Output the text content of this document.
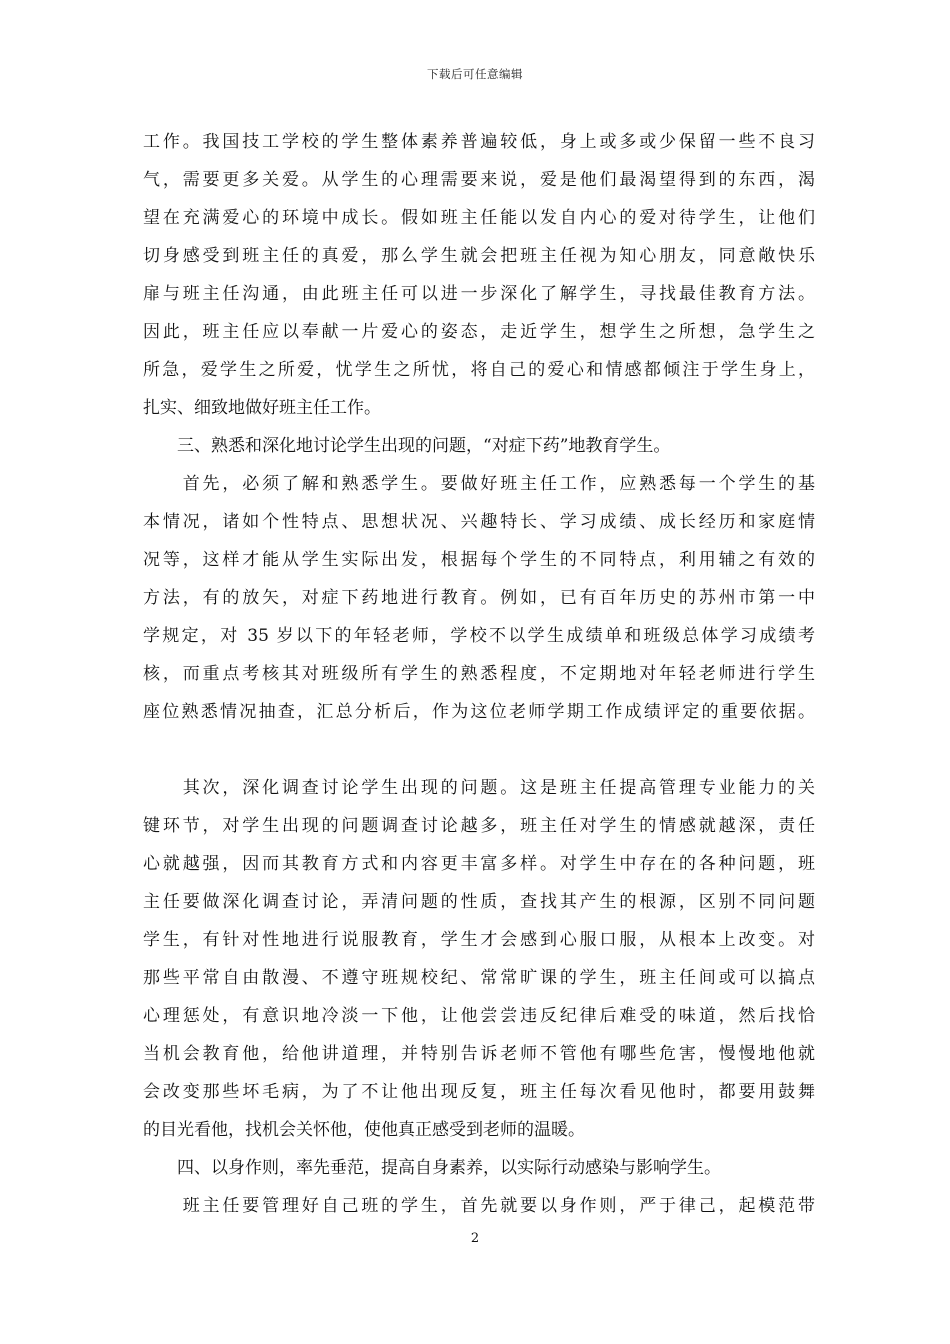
下载后可任意编辑
工作。我国技工学校的学生整体素养普遍较低，身上或多或少保留一些不良习
气，需要更多关爱。从学生的心理需要来说，爱是他们最渴望得到的东西，渴
望在充满爱心的环境中成长。假如班主任能以发自内心的爱对待学生，让他们
切身感受到班主任的真爱，那么学生就会把班主任视为知心朋友，同意敞快乐
扉与班主任沟通，由此班主任可以进一步深化了解学生，寻找最佳教育方法。
因此，班主任应以奉献一片爱心的姿态，走近学生，想学生之所想，急学生之
所急，爱学生之所爱，忧学生之所忧，将自己的爱心和情感都倾注于学生身上，
扎实、细致地做好班主任工作。
　　三、熟悉和深化地讨论学生出现的问题，“对症下药”地教育学生。
　　首先，必须了解和熟悉学生。要做好班主任工作，应熟悉每一个学生的基
本情况，诸如个性特点、思想状况、兴趣特长、学习成绩、成长经历和家庭情
况等，这样才能从学生实际出发，根据每个学生的不同特点，利用辅之有效的
方法，有的放矢，对症下药地进行教育。例如，已有百年历史的苏州市第一中
学规定，对 35 岁以下的年轻老师，学校不以学生成绩单和班级总体学习成绩考
核，而重点考核其对班级所有学生的熟悉程度，不定期地对年轻老师进行学生
座位熟悉情况抽查，汇总分析后，作为这位老师学期工作成绩评定的重要依据。
　　其次，深化调查讨论学生出现的问题。这是班主任提高管理专业能力的关
键环节，对学生出现的问题调查讨论越多，班主任对学生的情感就越深，责任
心就越强，因而其教育方式和内容更丰富多样。对学生中存在的各种问题，班
主任要做深化调查讨论，弄清问题的性质，查找其产生的根源，区别不同问题
学生，有针对性地进行说服教育，学生才会感到心服口服，从根本上改变。对
那些平常自由散漫、不遵守班规校纪、常常旷课的学生，班主任间或可以搞点
心理惩处，有意识地冷淡一下他，让他尝尝违反纪律后难受的味道，然后找恰
当机会教育他，给他讲道理，并特别告诉老师不管他有哪些危害，慢慢地他就
会改变那些坏毛病，为了不让他出现反复，班主任每次看见他时，都要用鼓舞
的目光看他，找机会关怀他，使他真正感受到老师的温暖。
　　四、以身作则，率先垂范，提高自身素养，以实际行动感染与影响学生。
　　班主任要管理好自己班的学生，首先就要以身作则，严于律己，起模范带
2
